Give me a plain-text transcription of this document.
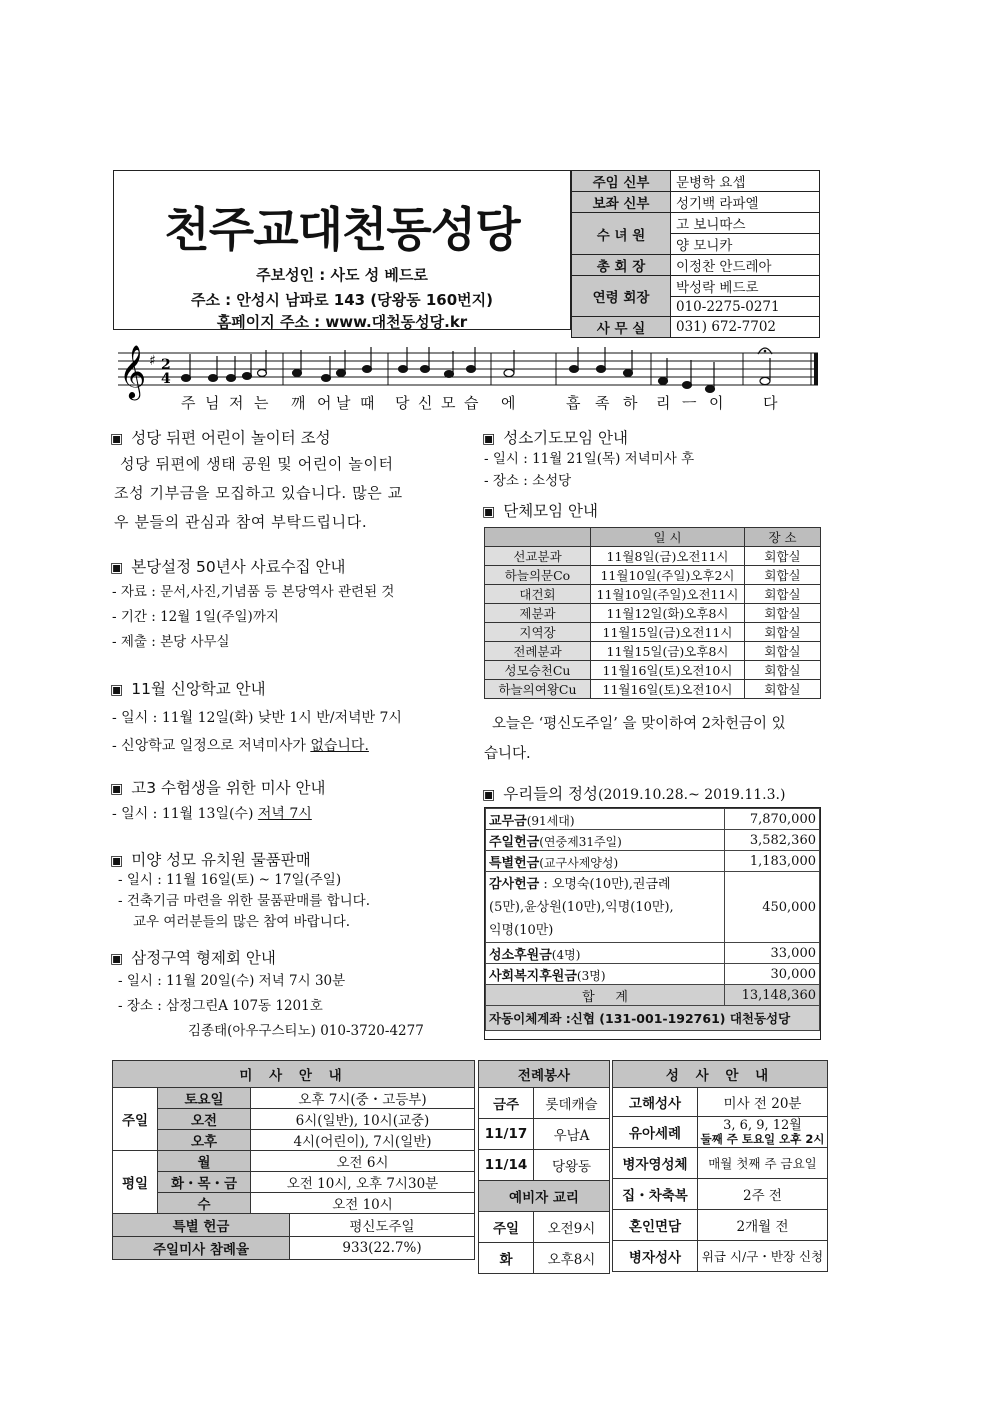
천주교대천동성당
주보성인 : 사도 성 베드로
주소 : 안성시 남파로 143 (당왕동 160번지)
홈페이지 주소 : www.대천동성당.kr
주임 신부	문병학 요셉
보좌 신부	성기백 라파엘
수 녀 원	고 보니따스
	양 모니카
총 회 장	이정찬 안드레아
연령 회장	박성락 베드로
	010-2275-0271
사 무 실	031) 672-7702
𝄞 ♯ 2
4
주 님 저 는 깨 어 날 때 당 신 모 습 에	흡 족 하 리 ㅡ 이	다
▣ 성당 뒤편 어린이 놀이터 조성
성당 뒤편에 생태 공원 및 어린이 놀이터
조성 기부금을 모집하고 있습니다. 많은 교
우 분들의 관심과 참여 부탁드립니다.
▣ 본당설정 50년사 사료수집 안내
- 자료 : 문서,사진,기념품 등 본당역사 관련된 것
- 기간 : 12월 1일(주일)까지
- 제출 : 본당 사무실
▣ 11월 신앙학교 안내
- 일시 : 11월 12일(화) 낮반 1시 반/저녁반 7시
- 신앙학교 일정으로 저녁미사가 없습니다.
▣ 고3 수험생을 위한 미사 안내
- 일시 : 11월 13일(수) 저녁 7시
▣ 미양 성모 유치원 물품판매
- 일시 : 11월 16일(토) ~ 17일(주일)
- 건축기금 마련을 위한 물품판매를 합니다.
교우 여러분들의 많은 참여 바랍니다.
▣ 삼정구역 형제회 안내
- 일시 : 11월 20일(수) 저녁 7시 30분
- 장소 : 삼정그린A 107동 1201호
김종태(아우구스티노) 010-3720-4277
▣ 성소기도모임 안내
- 일시 : 11월 21일(목) 저녁미사 후
- 장소 : 소성당
▣ 단체모임 안내
	일 시	장 소
선교분과	11월8일(금)오전11시	회합실
하늘의문Co	11월10일(주일)오후2시	회합실
대건회	11월10일(주일)오전11시	회합실
제분과	11월12일(화)오후8시	회합실
지역장	11월15일(금)오전11시	회합실
전례분과	11월15일(금)오후8시	회합실
성모승천Cu	11월16일(토)오전10시	회합실
하늘의여왕Cu	11월16일(토)오전10시	회합실
오늘은 ‘평신도주일’ 을 맞이하여 2차헌금이 있
습니다.
▣ 우리들의 정성(2019.10.28.~ 2019.11.3.)
교무금(91세대)	7,870,000
주일헌금(연중제31주일)	3,582,360
특별헌금(교구사제양성)	1,183,000

감사헌금 : 오명숙(10만),권금례
(5만),윤상원(10만),익명(10만),
익명(10만)	450,000
성소후원금(4명)	33,000
사회복지후원금(3명)	30,000
합     계	13,148,360
자동이체계좌 :신협 (131-001-192761) 대천동성당	
미 사 안 내			
주일	토요일	오후 7시(중・고등부)	
	오전	6시(일반), 10시(교중)	
	오후	4시(어린이), 7시(일반)	
평일	월	오전 6시	
	화・목・금	오전 10시, 오후 7시30분	
	수	오전 10시	
특별 헌금			평신도주일
주일미사 참례율			933(22.7%)
전례봉사	
금주	롯데캐슬
11/17	우남A
11/14	당왕동
예비자 교리	
주일	오전9시
화	오후8시
성 사 안 내	
고해성사	미사 전 20분
유아세례	3, 6, 9, 12월
둘째 주 토요일 오후 2시

병자영성체	매월 첫째 주 금요일
집・차축복	2주 전
혼인면담	2개월 전
병자성사	위급 시/구・반장 신청
